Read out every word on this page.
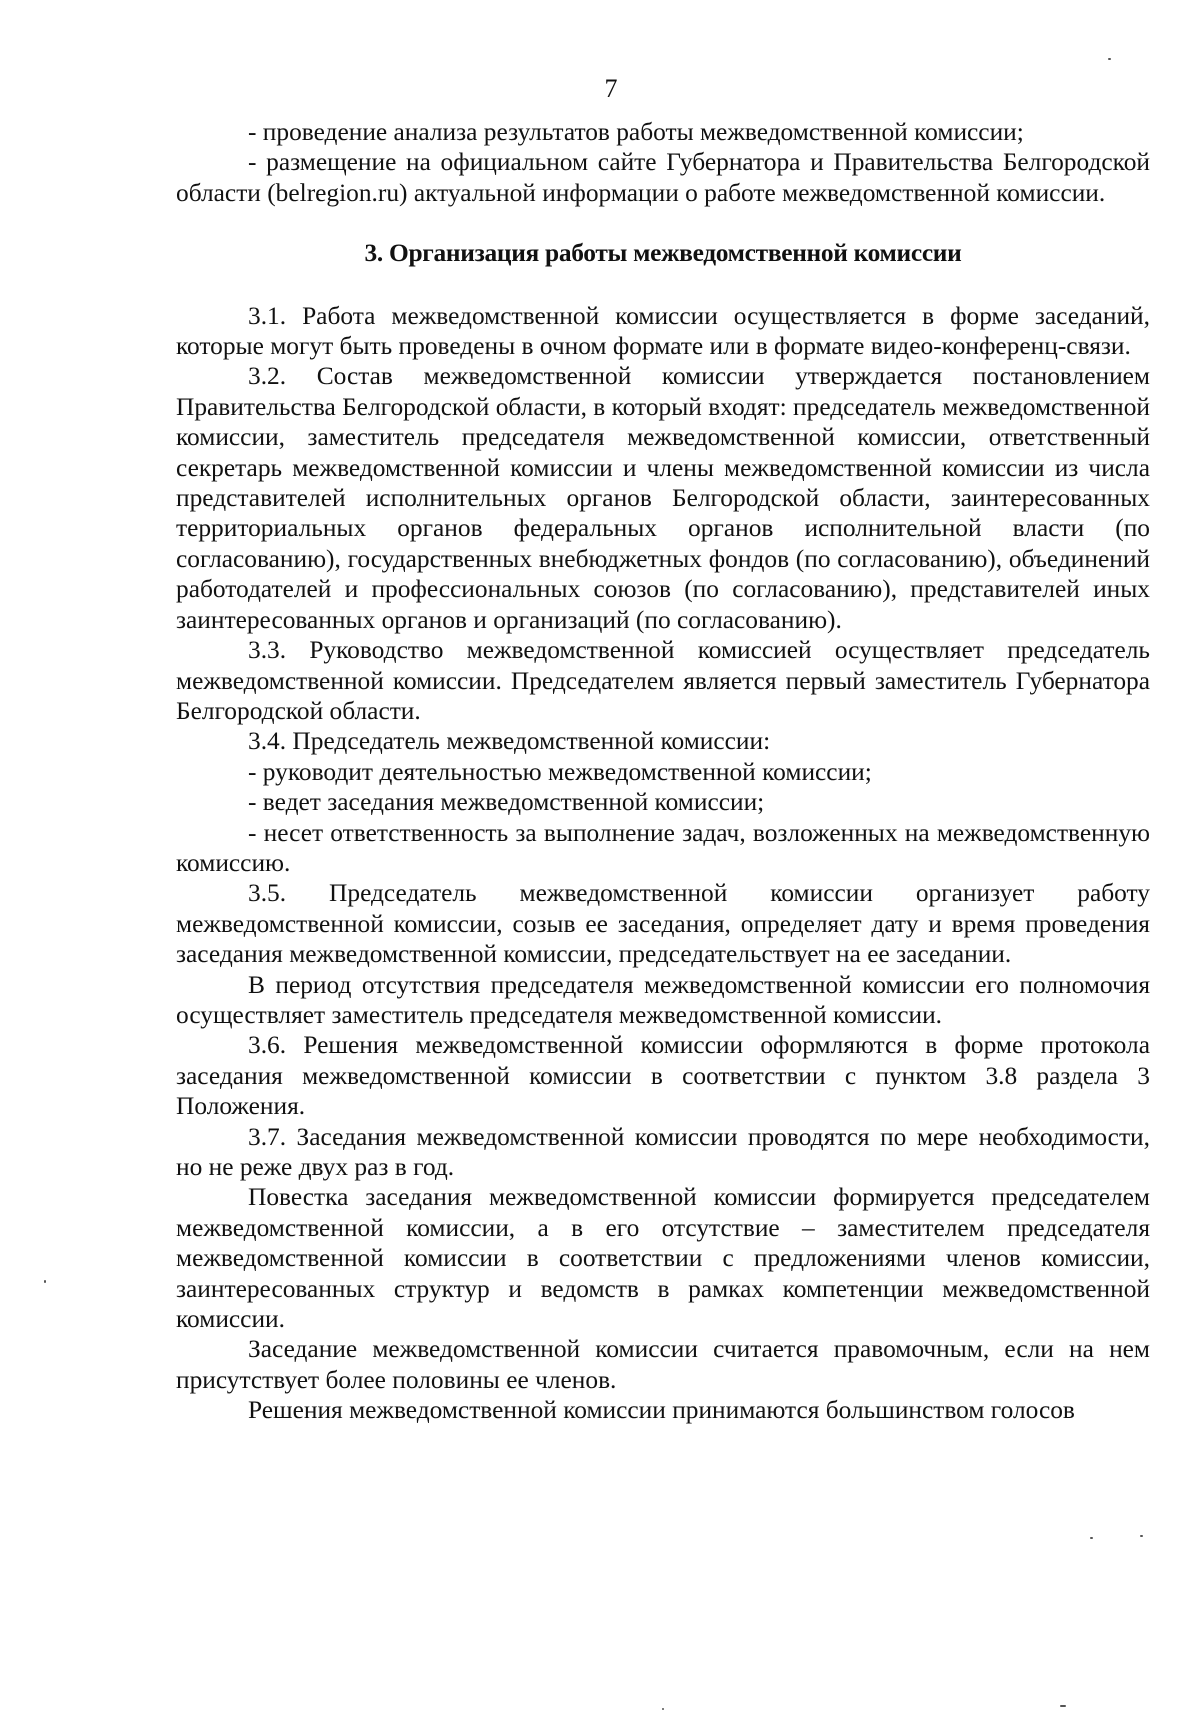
7

- проведение анализа результатов работы межведомственной комиссии;

- размещение на официальном сайте Губернатора и Правительства Белгородской области (belregion.ru) актуальной информации о работе межведомственной комиссии.

3. Организация работы межведомственной комиссии

3.1. Работа межведомственной комиссии осуществляется в форме заседаний, которые могут быть проведены в очном формате или в формате видео-конференц-связи.

3.2. Состав межведомственной комиссии утверждается постановлением Правительства Белгородской области, в который входят: председатель межведомственной комиссии, заместитель председателя межведомственной комиссии, ответственный секретарь межведомственной комиссии и члены межведомственной комиссии из числа представителей исполнительных органов Белгородской области, заинтересованных территориальных органов федеральных органов исполнительной власти (по согласованию), государственных внебюджетных фондов (по согласованию), объединений работодателей и профессиональных союзов (по согласованию), представителей иных заинтересованных органов и организаций (по согласованию).

3.3. Руководство межведомственной комиссией осуществляет председатель межведомственной комиссии. Председателем является первый заместитель Губернатора Белгородской области.

3.4. Председатель межведомственной комиссии:

- руководит деятельностью межведомственной комиссии;

- ведет заседания межведомственной комиссии;

- несет ответственность за выполнение задач, возложенных на межведомственную комиссию.

3.5. Председатель межведомственной комиссии организует работу межведомственной комиссии, созыв ее заседания, определяет дату и время проведения заседания межведомственной комиссии, председательствует на ее заседании.

В период отсутствия председателя межведомственной комиссии его полномочия осуществляет заместитель председателя межведомственной комиссии.

3.6. Решения межведомственной комиссии оформляются в форме протокола заседания межведомственной комиссии в соответствии с пунктом 3.8 раздела 3 Положения.

3.7. Заседания межведомственной комиссии проводятся по мере необходимости, но не реже двух раз в год.

Повестка заседания межведомственной комиссии формируется председателем межведомственной комиссии, а в его отсутствие – заместителем председателя межведомственной комиссии в соответствии с предложениями членов комиссии, заинтересованных структур и ведомств в рамках компетенции межведомственной комиссии.

Заседание межведомственной комиссии считается правомочным, если на нем присутствует более половины ее членов.

Решения межведомственной комиссии принимаются большинством голосов
